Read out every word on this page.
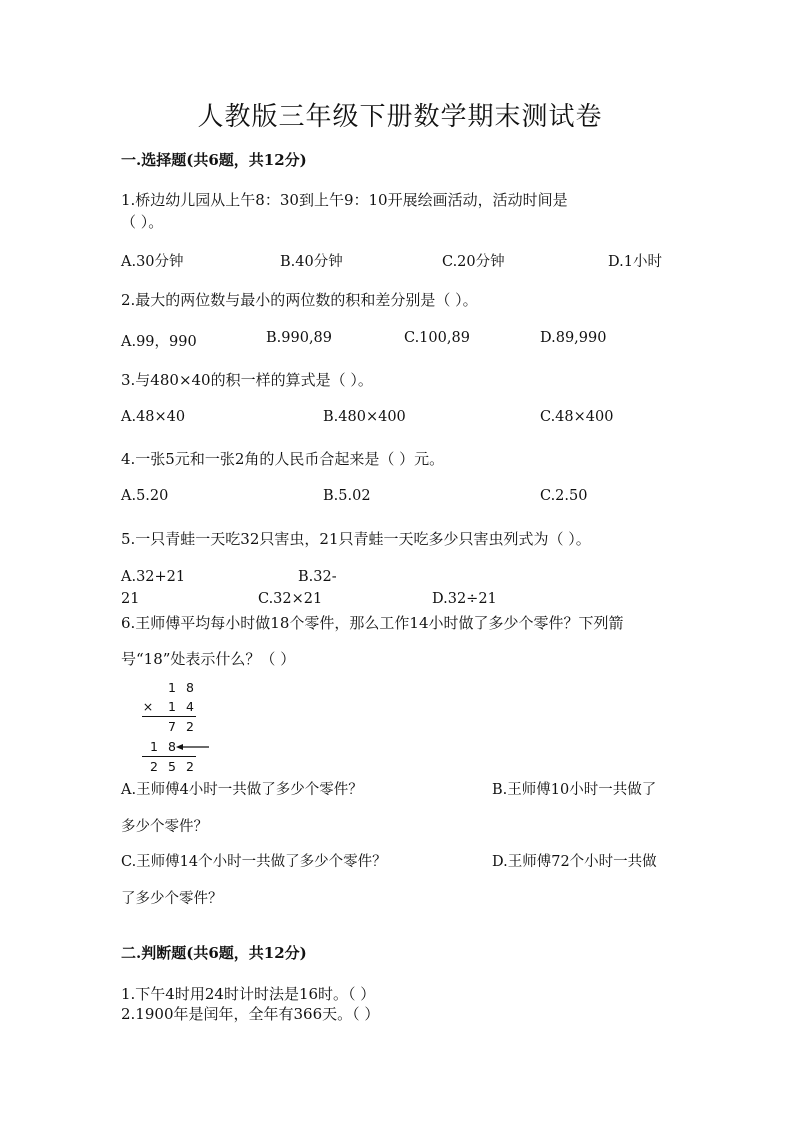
人教版三年级下册数学期末测试卷
一.选择题(共6题，共12分)
1.桥边幼儿园从上午8：30到上午9：10开展绘画活动，活动时间是
（ ）。
A.30分钟	B.40分钟	C.20分钟	D.1小时
2.最大的两位数与最小的两位数的积和差分别是（ ）。
A.99，990	B.990,89	C.100,89	D.89,990
3.与480×40的积一样的算式是（ ）。
A.48×40	B.480×400	C.48×400
4.一张5元和一张2角的人民币合起来是（ ）元。
A.5.20	B.5.02	C.2.50
5.一只青蛙一天吃32只害虫，21只青蛙一天吃多少只害虫列式为（ ）。
A.32+21	B.32-
21	C.32×21	D.32÷21
6.王师傅平均每小时做18个零件，那么工作14小时做了多少个零件？下列箭
号“18”处表示什么？（ ）
1 8
× 1 4
7 2
1 8
2 5 2
A.王师傅4小时一共做了多少个零件？	B.王师傅10小时一共做了
多少个零件？
C.王师傅14个小时一共做了多少个零件？	D.王师傅72个小时一共做
了多少个零件？
二.判断题(共6题，共12分)
1.下午4时用24时计时法是16时。（ ）
2.1900年是闰年，全年有366天。（ ）
